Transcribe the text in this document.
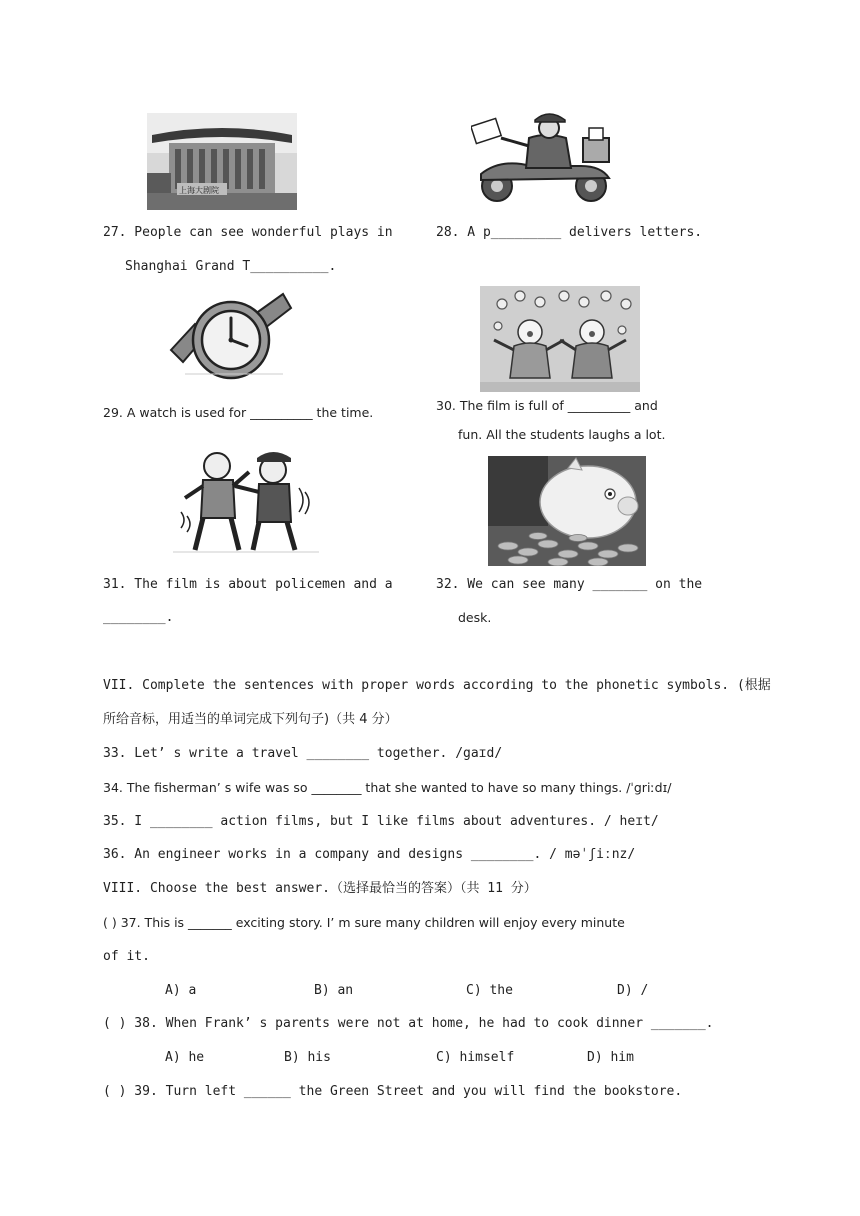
上海大剧院
27. People can see wonderful plays in
Shanghai Grand T__________.
28. A p_________ delivers letters.
29. A watch is used for __________ the time.	30. The film is full of __________ and
fun. All the students laughs a lot.
31. The film is about policemen and a
________.
32. We can see many _______ on the
desk.
VII. Complete the sentences with proper words according to the phonetic symbols. (根据
所给音标，用适当的单词完成下列句子)（共 4 分）
33. Let’ s write a travel ________ together. /gaɪd/
34. The fisherman’ s wife was so ________ that she wanted to have so many things. /ˈgriːdɪ/
35. I ________ action films, but I like films about adventures. / heɪt/
36. An engineer works in a company and designs ________. / məˈʃiːnz/
VIII. Choose the best answer.（选择最恰当的答案）（共 11 分）
( ) 37. This is _______ exciting story. I’ m sure many children will enjoy every minute
of it.
A) a	B) an	C) the	D) /
( ) 38. When Frank’ s parents were not at home, he had to cook dinner _______.
A) he	B) his	C) himself	D) him
( ) 39. Turn left ______ the Green Street and you will find the bookstore.
